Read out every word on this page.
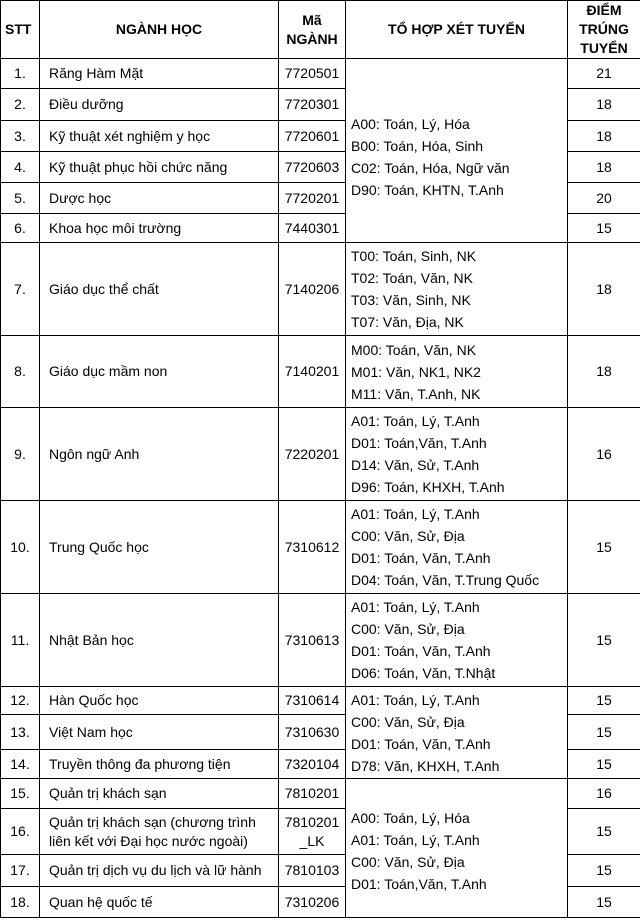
STT	NGÀNH HỌC	Mã
NGÀNH	TỔ HỢP XÉT TUYỂN	ĐIỂM
TRÚNG
TUYỂN

1.	Răng Hàm Mặt	7720501	A00: Toán, Lý, Hóa
B00: Toán, Hóa, Sinh
C02: Toán, Hóa, Ngữ văn
D90: Toán, KHTN, T.Anh	21
2.	Điều dưỡng	7720301		18
3.	Kỹ thuật xét nghiệm y học	7720601		18
4.	Kỹ thuật phục hồi chức năng	7720603		18
5.	Dược học	7720201		20
6.	Khoa học môi trường	7440301		15
7.	Giáo dục thể chất	7140206	T00: Toán, Sinh, NK
T02: Toán, Văn, NK
T03: Văn, Sinh, NK
T07: Văn, Địa, NK	18
8.	Giáo dục mầm non	7140201	M00: Toán, Văn, NK
M01: Văn, NK1, NK2
M11: Văn, T.Anh, NK	18
9.	Ngôn ngữ Anh	7220201	A01: Toán, Lý, T.Anh
D01: Toán,Văn, T.Anh
D14: Văn, Sử, T.Anh
D96: Toán, KHXH, T.Anh	16
10.	Trung Quốc học	7310612	A01: Toán, Lý, T.Anh
C00: Văn, Sử, Địa
D01: Toán, Văn, T.Anh
D04: Toán, Văn, T.Trung Quốc	15
11.	Nhật Bản học	7310613	A01: Toán, Lý, T.Anh
C00: Văn, Sử, Địa
D01: Toán, Văn, T.Anh
D06: Toán, Văn, T.Nhật	15
12.	Hàn Quốc học	7310614	A01: Toán, Lý, T.Anh
C00: Văn, Sử, Địa
D01: Toán, Văn, T.Anh
D78: Văn, KHXH, T.Anh	15
13.	Việt Nam học	7310630		15
14.	Truyền thông đa phương tiện	7320104		15
15.	Quản trị khách sạn	7810201	A00: Toán, Lý, Hóa
A01: Toán, Lý, T.Anh
C00: Văn, Sử, Địa
D01: Toán,Văn, T.Anh	16
16.	Quản trị khách sạn (chương trình liên kết với Đại học nước ngoài)	7810201
_LK		15
17.	Quản trị dịch vụ du lịch và lữ hành	7810103		15
18.	Quan hệ quốc tế	7310206		15
